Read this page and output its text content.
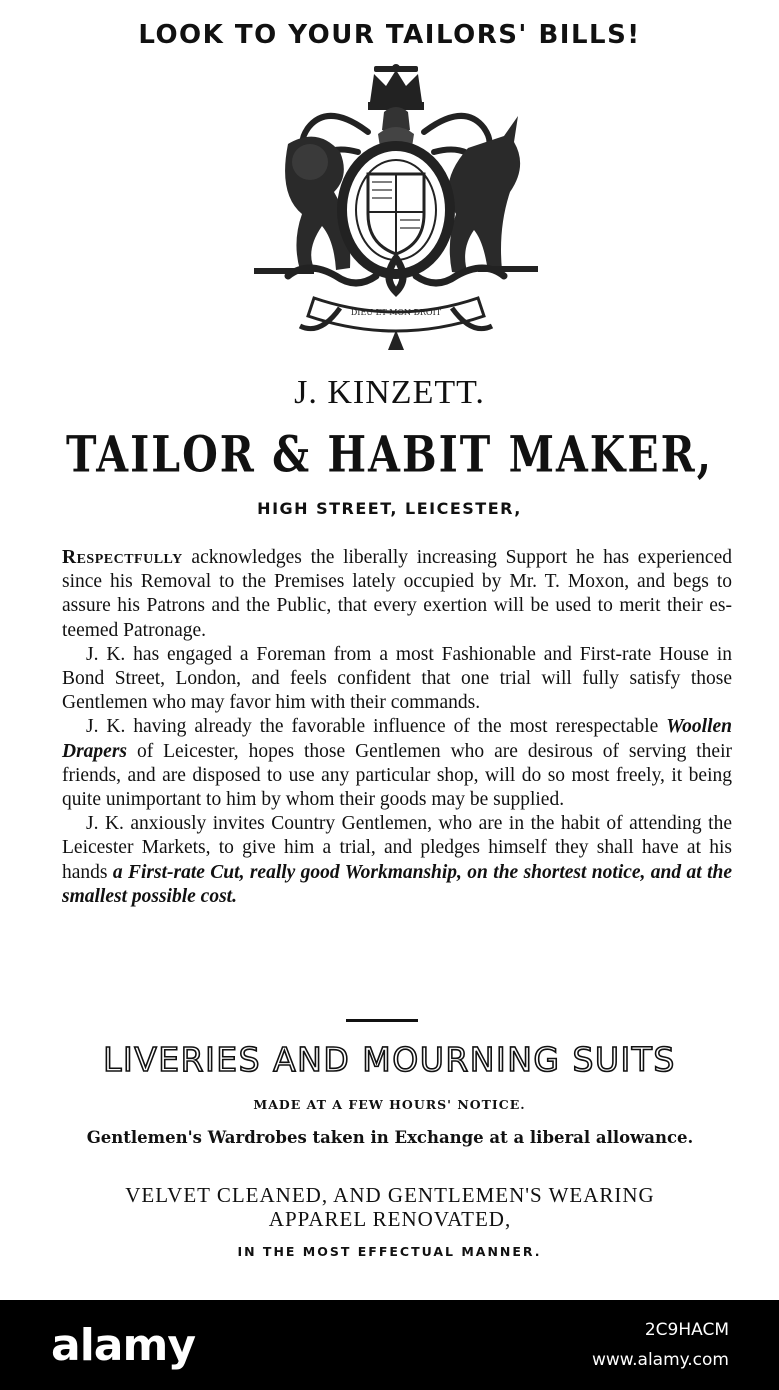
LOOK TO YOUR TAILORS' BILLS!
DIEU ET MON DROIT
J. KINZETT.
TAILOR & HABIT MAKER,
HIGH STREET, LEICESTER,

Respectfully acknowledges the liberally increasing Support he has experienced since his Removal to the Premises lately occupied by Mr. T. Moxon, and begs to assure his Patrons and the Public, that every exertion will be used to merit their esteemed Patronage.

J. K. has engaged a Foreman from a most Fashionable and First-rate House in Bond Street, London, and feels confident that one trial will fully satisfy those Gentlemen who may favor him with their commands.

J. K. having already the favorable influence of the most rerespectable Woollen Drapers of Leicester, hopes those Gentlemen who are desirous of serving their friends, and are disposed to use any particular shop, will do so most freely, it being quite unimportant to him by whom their goods may be supplied.

J. K. anxiously invites Country Gentlemen, who are in the habit of attending the Leicester Markets, to give him a trial, and pledges himself they shall have at his hands a First-rate Cut, really good Workmanship, on the shortest notice, and at the smallest possible cost.

LIVERIES AND MOURNING SUITS
MADE AT A FEW HOURS' NOTICE.
Gentlemen's Wardrobes taken in Exchange at a liberal allowance.
VELVET CLEANED, AND GENTLEMEN'S WEARING
APPAREL RENOVATED,
IN THE MOST EFFECTUAL MANNER.
alamy	2C9HACM
www.alamy.com
